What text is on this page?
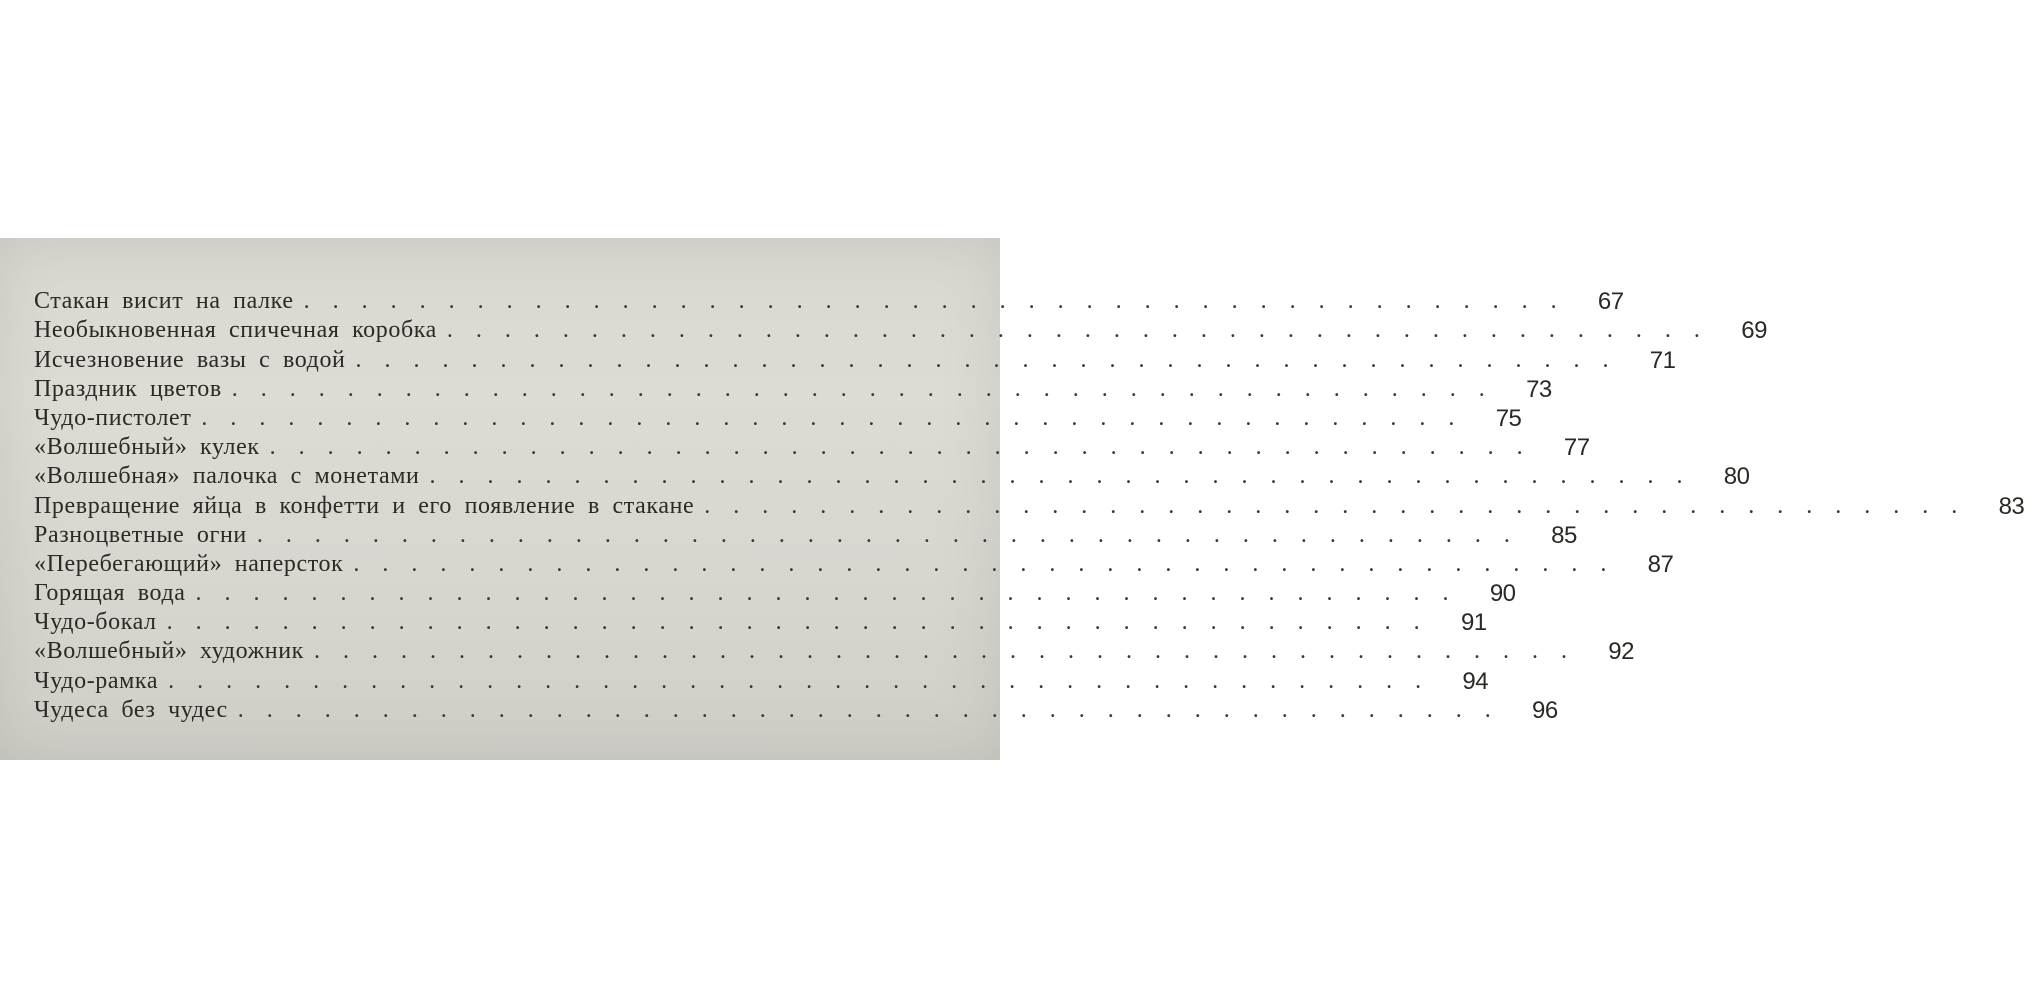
Стакан висит на палке ............................................ 67
Необыкновенная спичечная коробка ............................................ 69
Исчезновение вазы с водой ............................................ 71
Праздник цветов ............................................ 73
Чудо-пистолет ............................................ 75
«Волшебный» кулек ............................................ 77
«Волшебная» палочка с монетами ............................................ 80
Превращение яйца в конфетти и его появление в стакане ............................................ 83
Разноцветные огни ............................................ 85
«Перебегающий» наперсток ............................................ 87
Горящая вода ............................................ 90
Чудо-бокал ............................................ 91
«Волшебный» художник ............................................ 92
Чудо-рамка ............................................ 94
Чудеса без чудес ............................................ 96
